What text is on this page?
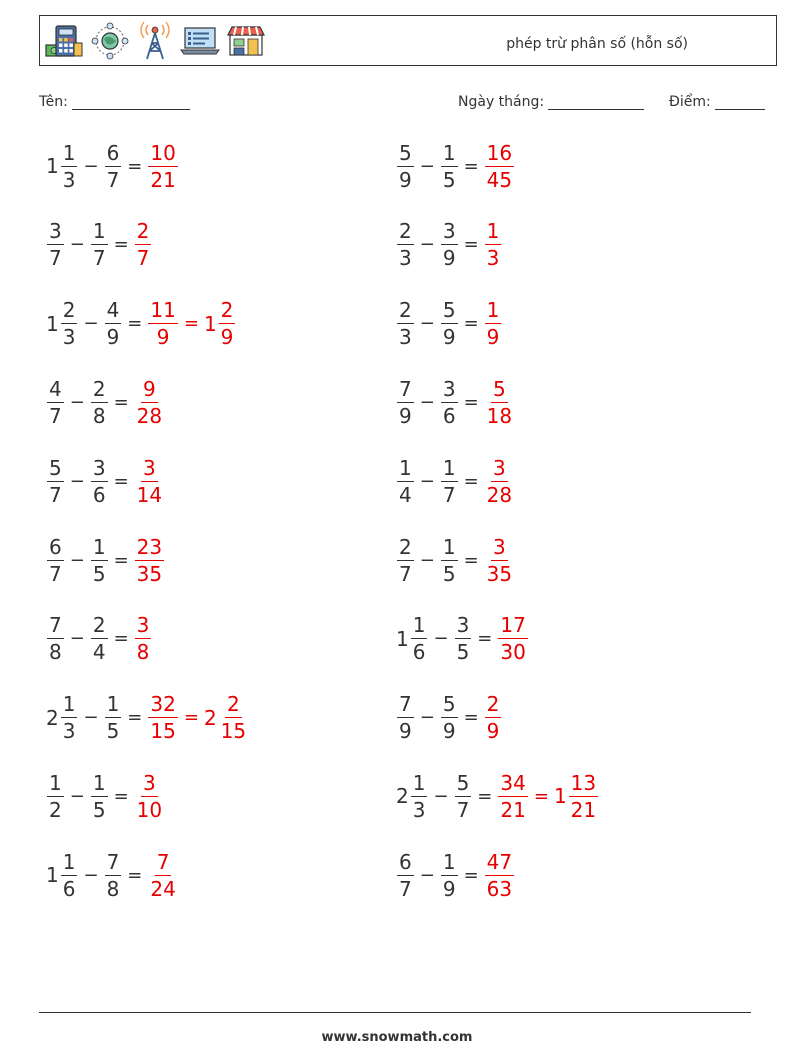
phép trừ phân số (hỗn số)
Tên:	Ngày tháng:	Điểm:
$1 \frac{1}{3} - \frac{6}{7} = \frac{10}{21}$	$\frac{5}{9} - \frac{1}{5} = \frac{16}{45}$
$\frac{3}{7} - \frac{1}{7} = \frac{2}{7}$	$\frac{2}{3} - \frac{3}{9} = \frac{1}{3}$
$1 \frac{2}{3} - \frac{4}{9} = \frac{11}{9} = 1 \frac{2}{9}$	$\frac{2}{3} - \frac{5}{9} = \frac{1}{9}$
$\frac{4}{7} - \frac{2}{8} = \frac{9}{28}$	$\frac{7}{9} - \frac{3}{6} = \frac{5}{18}$
$\frac{5}{7} - \frac{3}{6} = \frac{3}{14}$	$\frac{1}{4} - \frac{1}{7} = \frac{3}{28}$
$\frac{6}{7} - \frac{1}{5} = \frac{23}{35}$	$\frac{2}{7} - \frac{1}{5} = \frac{3}{35}$
$\frac{7}{8} - \frac{2}{4} = \frac{3}{8}$	$1 \frac{1}{6} - \frac{3}{5} = \frac{17}{30}$
$2 \frac{1}{3} - \frac{1}{5} = \frac{32}{15} = 2 \frac{2}{15}$	$\frac{7}{9} - \frac{5}{9} = \frac{2}{9}$
$\frac{1}{2} - \frac{1}{5} = \frac{3}{10}$	$2 \frac{1}{3} - \frac{5}{7} = \frac{34}{21} = 1 \frac{13}{21}$
$1 \frac{1}{6} - \frac{7}{8} = \frac{7}{24}$	$\frac{6}{7} - \frac{1}{9} = \frac{47}{63}$
www.snowmath.com
